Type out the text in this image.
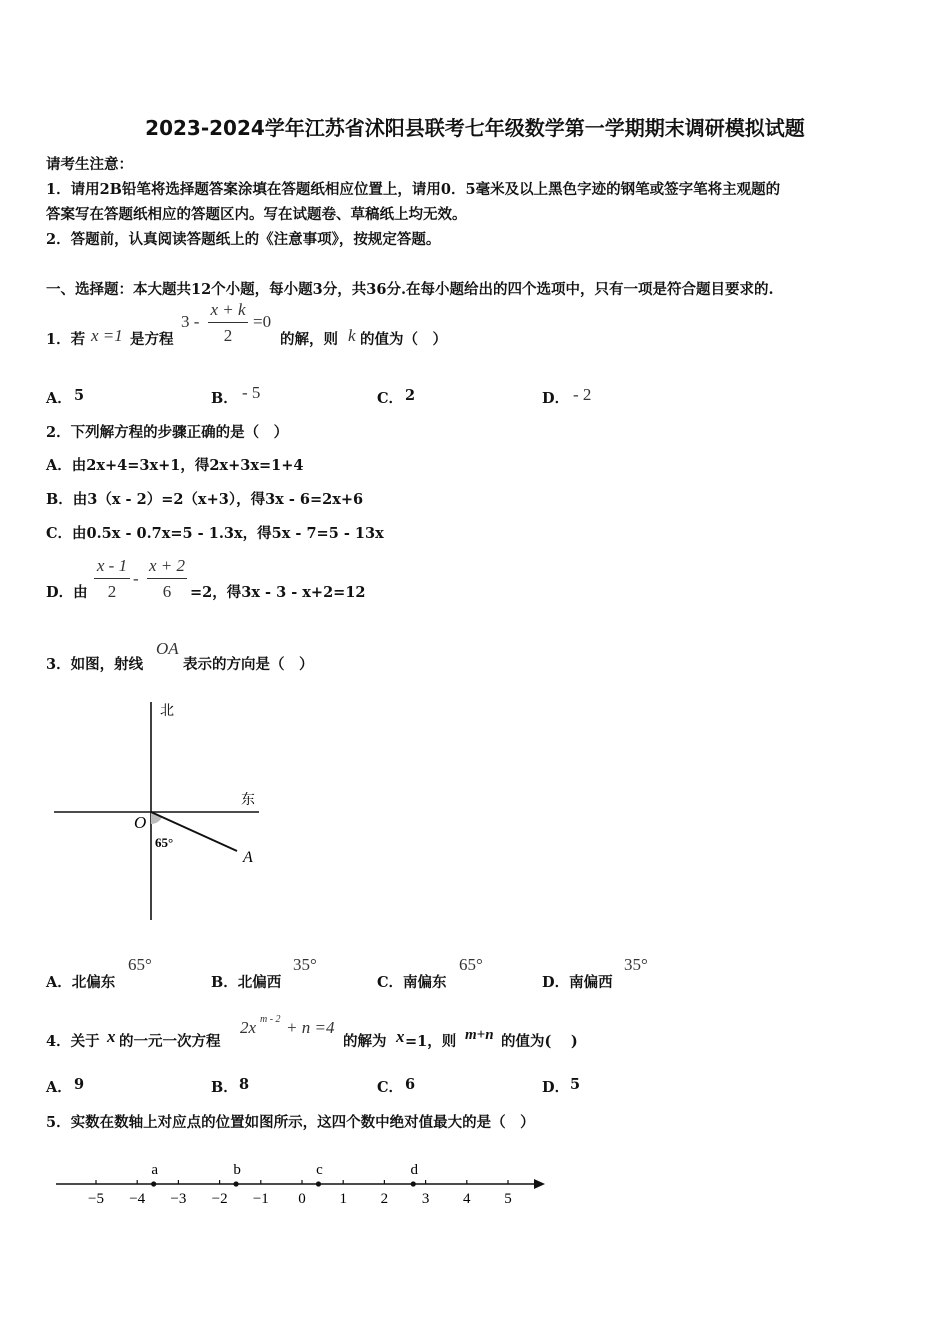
2023-2024学年江苏省沭阳县联考七年级数学第一学期期末调研模拟试题
请考生注意：
1．请用2B铅笔将选择题答案涂填在答题纸相应位置上，请用0．5毫米及以上黑色字迹的钢笔或签字笔将主观题的
答案写在答题纸相应的答题区内。写在试题卷、草稿纸上均无效。
2．答题前，认真阅读答题纸上的《注意事项》，按规定答题。
一、选择题：本大题共12个小题，每小题3分，共36分.在每小题给出的四个选项中，只有一项是符合题目要求的.
1．若 x =1 是方程
3 -
x + k
2
=0
的解，则 k 的值为（　）
A． 5	B． - 5	C． 2	D． - 2
2．下列解方程的步骤正确的是（　）
A．由2x+4=3x+1，得2x+3x=1+4
B．由3（x - 2）=2（x+3），得3x - 6=2x+6
C．由0.5x - 0.7x=5 - 1.3x，得5x - 7=5 - 13x
D．由
x - 1
2
-
x + 2
6	=2，得3x - 3 - x+2=12
3．如图，射线
OA
表示的方向是（　）
北
东
O
A
65°
A．北偏东
65°
B．北偏西
35°
C．南偏东
65°
D．南偏西
35°
4．关于 x 的一元一次方程
2x m - 2 + n =4
的解为 x =1，则 m+n 的值为(　 )
A． 9	B． 8	C． 6	D． 5
5．实数在数轴上对应点的位置如图所示，这四个数中绝对值最大的是（　）
−5 −4 −3 −2 −1 0 1 2 3 4 5
a	b	c	d
